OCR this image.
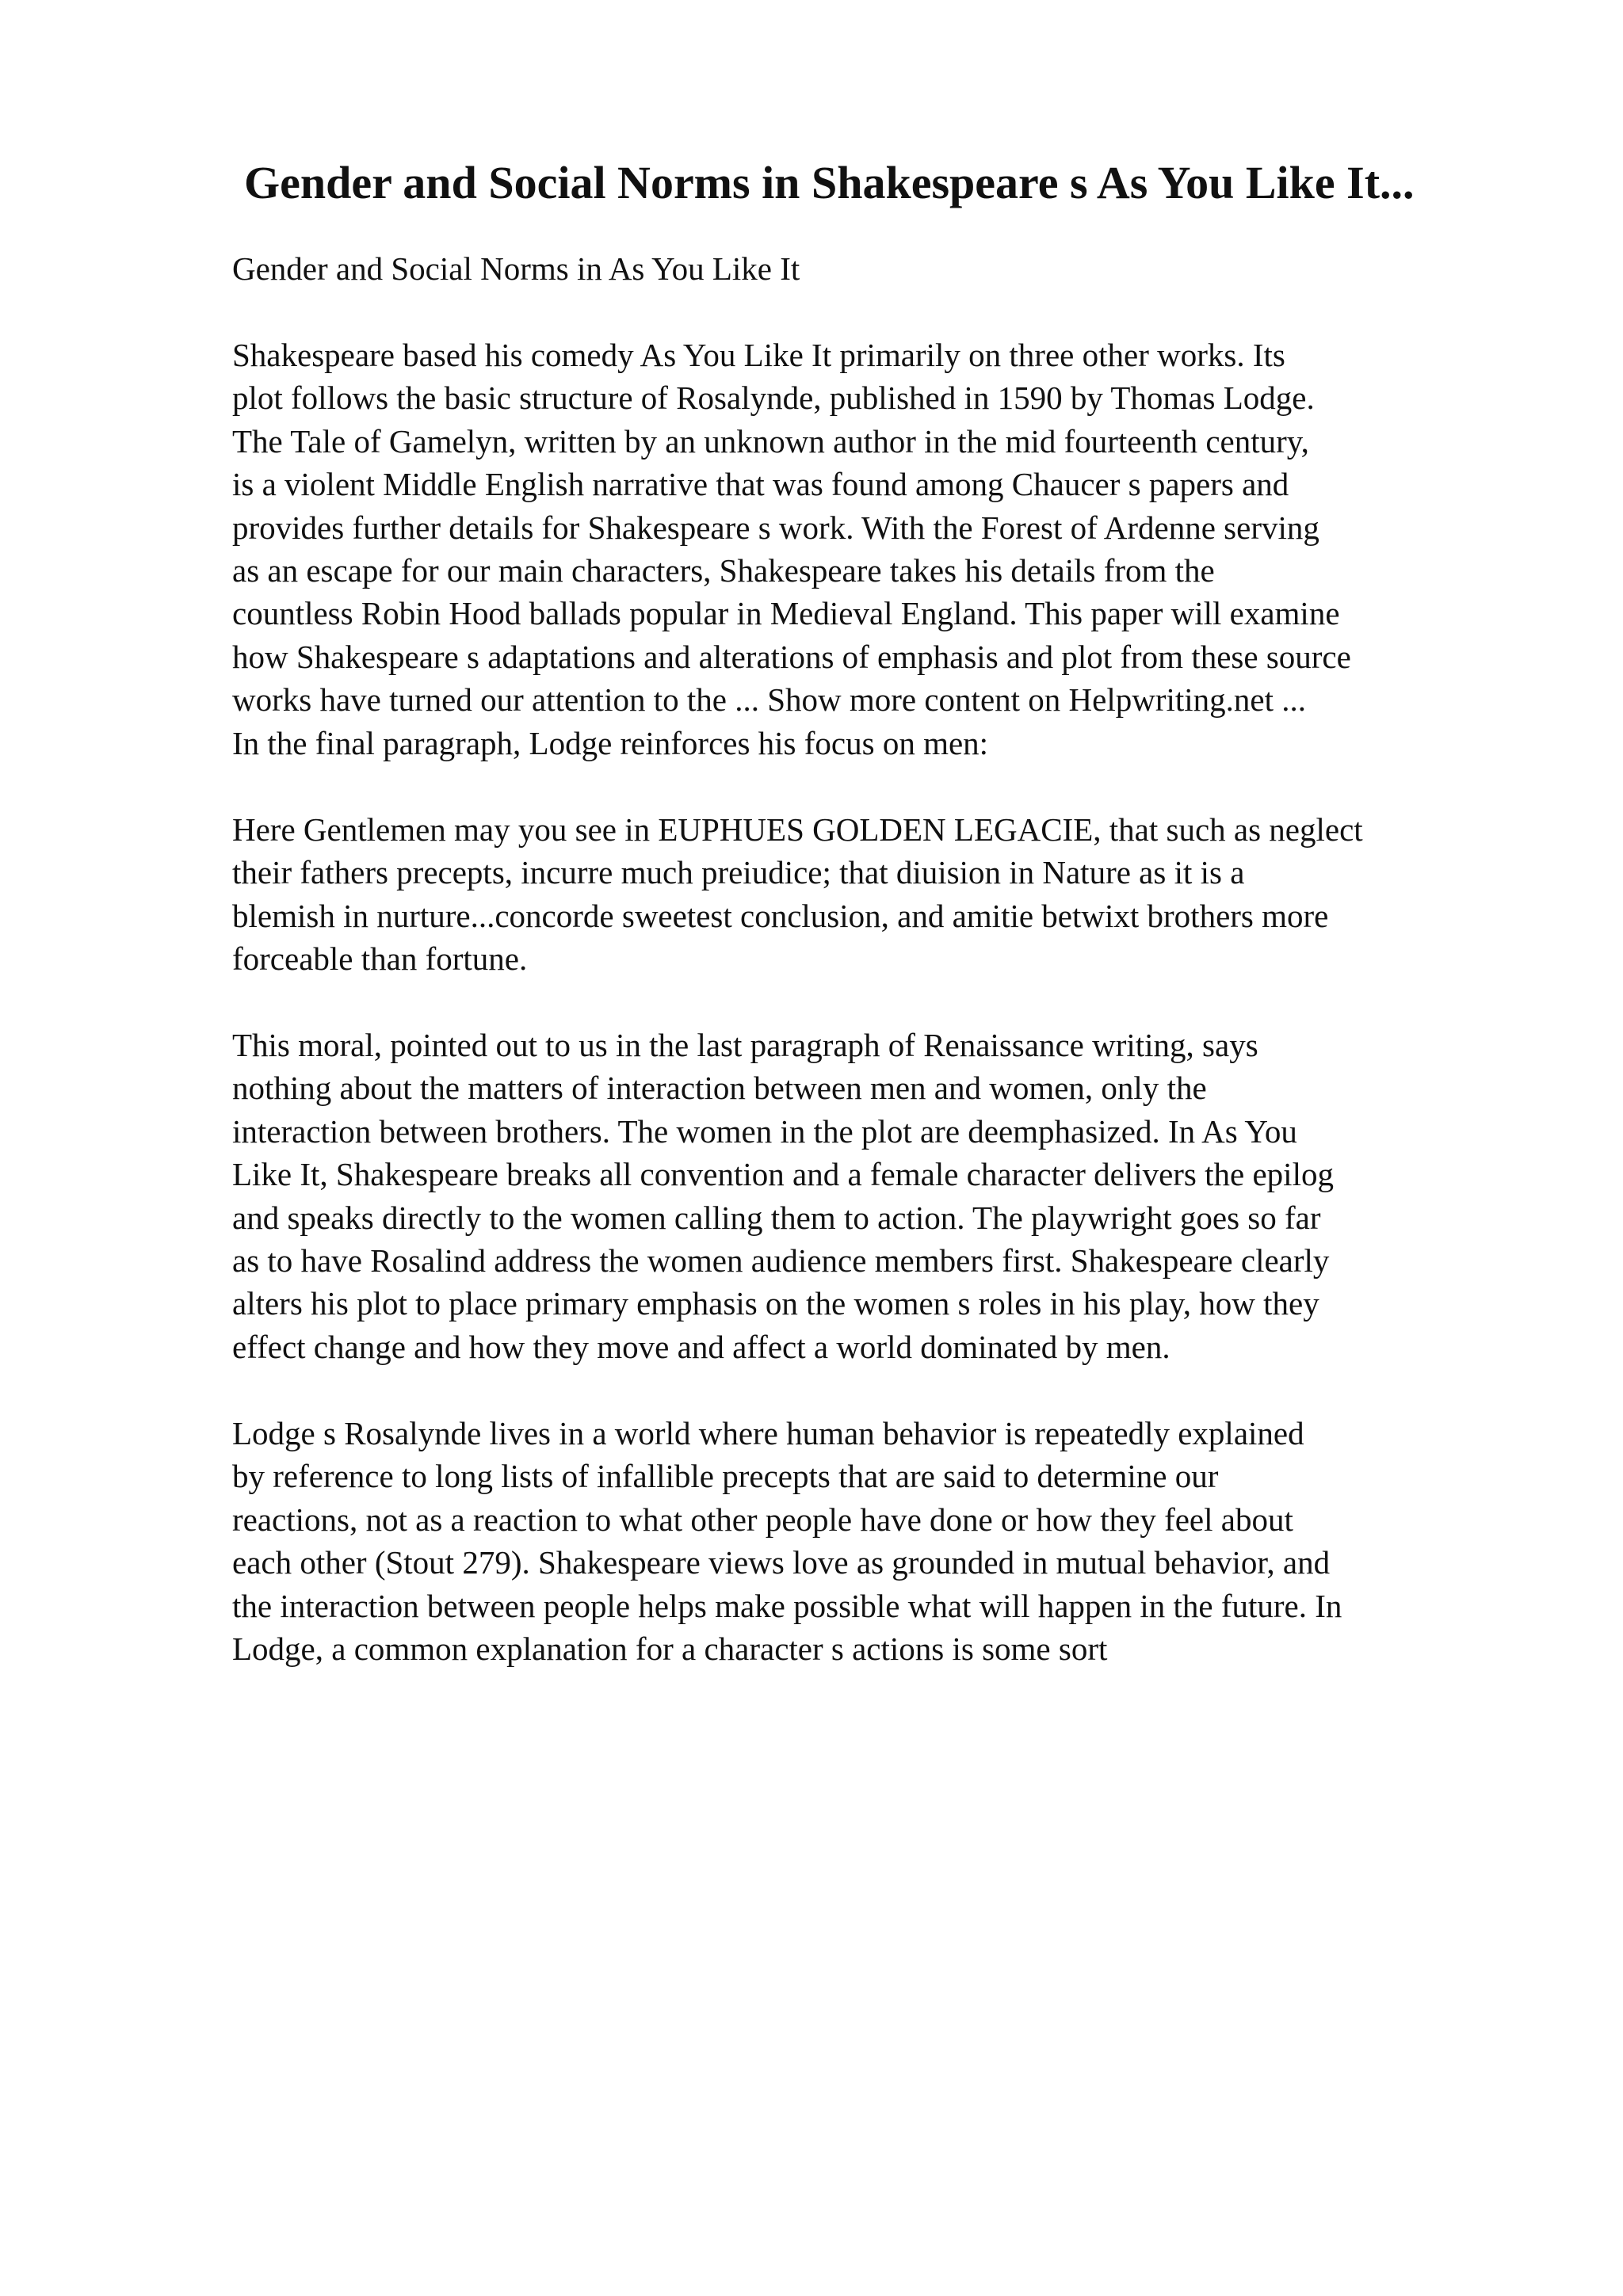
Gender and Social Norms in Shakespeare s As You Like It...

Gender and Social Norms in As You Like It

Shakespeare based his comedy As You Like It primarily on three other works. Its
plot follows the basic structure of Rosalynde, published in 1590 by Thomas Lodge.
The Tale of Gamelyn, written by an unknown author in the mid fourteenth century,
is a violent Middle English narrative that was found among Chaucer s papers and
provides further details for Shakespeare s work. With the Forest of Ardenne serving
as an escape for our main characters, Shakespeare takes his details from the
countless Robin Hood ballads popular in Medieval England. This paper will examine
how Shakespeare s adaptations and alterations of emphasis and plot from these source
works have turned our attention to the ... Show more content on Helpwriting.net ...
In the final paragraph, Lodge reinforces his focus on men:
Here Gentlemen may you see in EUPHUES GOLDEN LEGACIE, that such as neglect
their fathers precepts, incurre much preiudice; that diuision in Nature as it is a
blemish in nurture...concorde sweetest conclusion, and amitie betwixt brothers more
forceable than fortune.
This moral, pointed out to us in the last paragraph of Renaissance writing, says
nothing about the matters of interaction between men and women, only the
interaction between brothers. The women in the plot are deemphasized. In As You
Like It, Shakespeare breaks all convention and a female character delivers the epilog
and speaks directly to the women calling them to action. The playwright goes so far
as to have Rosalind address the women audience members first. Shakespeare clearly
alters his plot to place primary emphasis on the women s roles in his play, how they
effect change and how they move and affect a world dominated by men.
Lodge s Rosalynde lives in a world where human behavior is repeatedly explained
by reference to long lists of infallible precepts that are said to determine our
reactions, not as a reaction to what other people have done or how they feel about
each other (Stout 279). Shakespeare views love as grounded in mutual behavior, and
the interaction between people helps make possible what will happen in the future. In
Lodge, a common explanation for a character s actions is some sort
